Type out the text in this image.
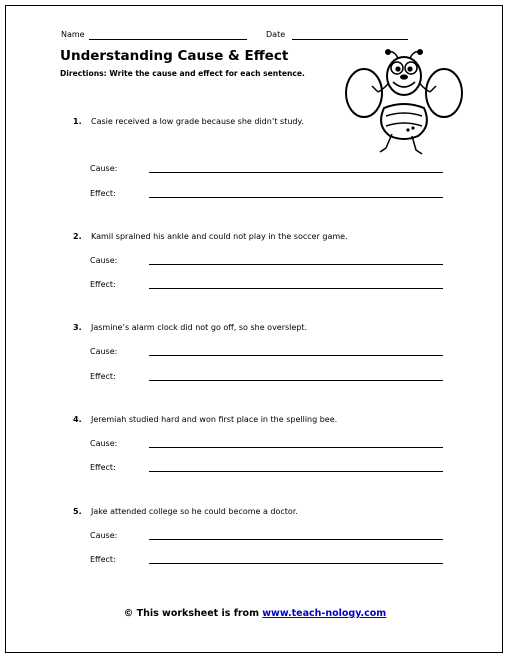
Name	Date
Understanding Cause & Effect
Directions: Write the cause and effect for each sentence.
1. Casie received a low grade because she didn’t study.
Cause:
Effect:
2. Kamil sprained his ankle and could not play in the soccer game.
Cause:
Effect:
3. Jasmine’s alarm clock did not go off, so she overslept.
Cause:
Effect:
4. Jeremiah studied hard and won first place in the spelling bee.
Cause:
Effect:
5. Jake attended college so he could become a doctor.
Cause:
Effect:
© This worksheet is from www.teach-nology.com
